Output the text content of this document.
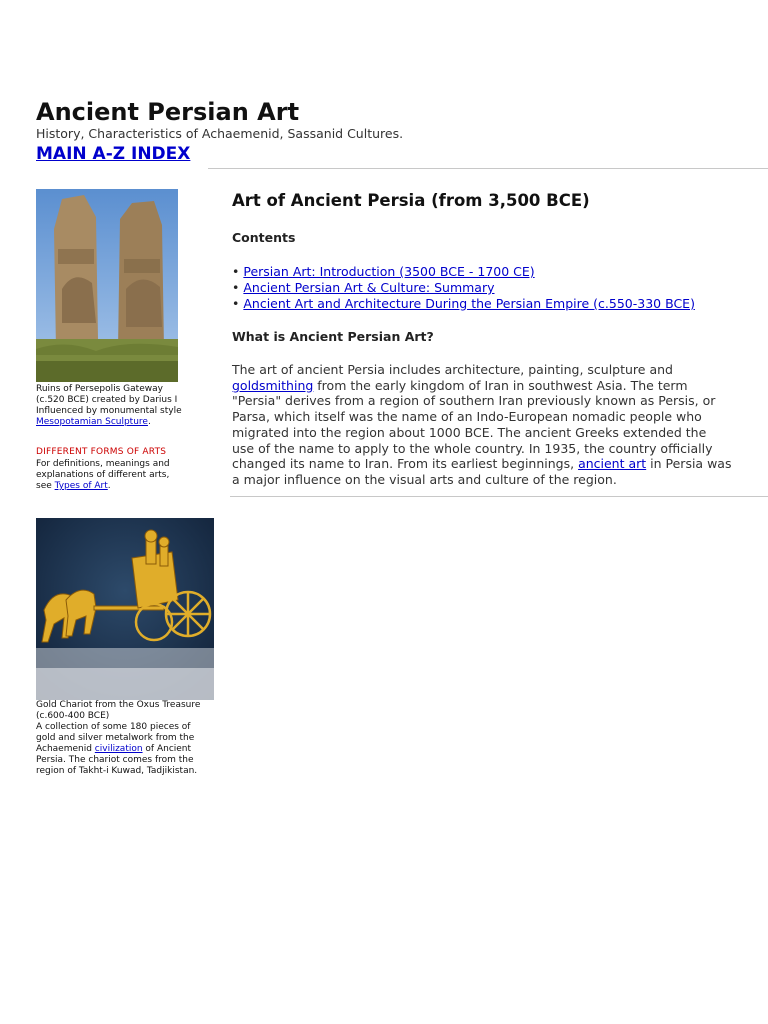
Ancient Persian Art
History, Characteristics of Achaemenid, Sassanid Cultures.
MAIN A-Z INDEX
Ruins of Persepolis Gateway
(c.520 BCE) created by Darius I
Influenced by monumental style
Mesopotamian Sculpture.
DIFFERENT FORMS OF ARTS
For definitions, meanings and
explanations of different arts,
see Types of Art.
Gold Chariot from the Oxus Treasure
(c.600-400 BCE)
A collection of some 180 pieces of
gold and silver metalwork from the
Achaemenid civilization of Ancient
Persia. The chariot comes from the
region of Takht-i Kuwad, Tadjikistan.
Art of Ancient Persia (from 3,500 BCE)
Contents
• Persian Art: Introduction (3500 BCE - 1700 CE)
• Ancient Persian Art & Culture: Summary
• Ancient Art and Architecture During the Persian Empire (c.550-330 BCE)
What is Ancient Persian Art?
The art of ancient Persia includes architecture, painting, sculpture and goldsmithing from the early kingdom of Iran in southwest Asia. The term "Persia" derives from a region of southern Iran previously known as Persis, or Parsa, which itself was the name of an Indo-European nomadic people who migrated into the region about 1000 BCE. The ancient Greeks extended the use of the name to apply to the whole country. In 1935, the country officially changed its name to Iran. From its earliest beginnings, ancient art in Persia was a major influence on the visual arts and culture of the region.
